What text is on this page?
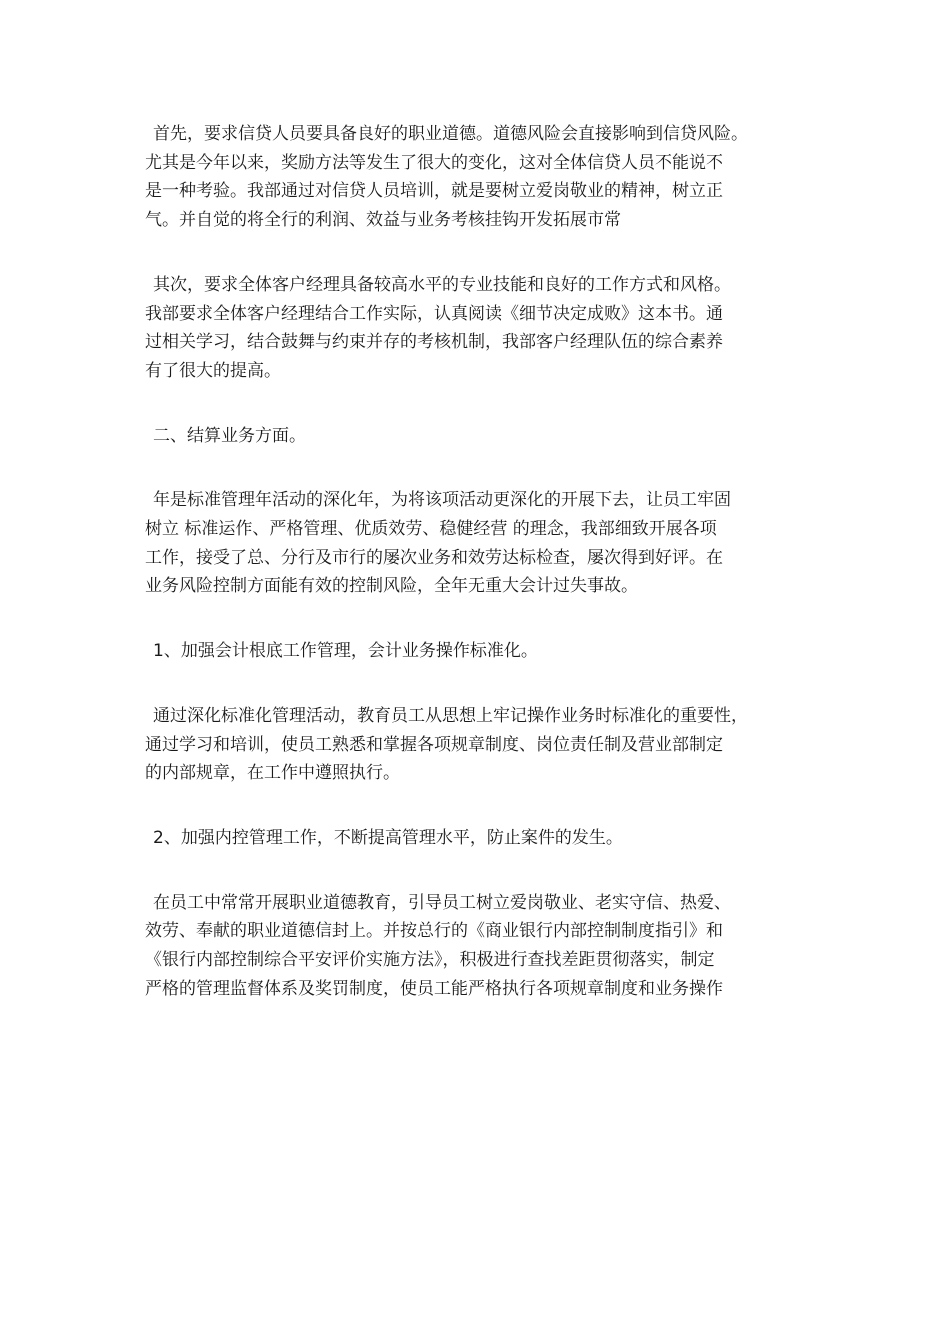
首先，要求信贷人员要具备良好的职业道德。道德风险会直接影响到信贷风险。
尤其是今年以来，奖励方法等发生了很大的变化，这对全体信贷人员不能说不
是一种考验。我部通过对信贷人员培训，就是要树立爱岗敬业的精神，树立正
气。并自觉的将全行的利润、效益与业务考核挂钩开发拓展市常

其次，要求全体客户经理具备较高水平的专业技能和良好的工作方式和风格。
我部要求全体客户经理结合工作实际，认真阅读《细节决定成败》这本书。通
过相关学习，结合鼓舞与约束并存的考核机制，我部客户经理队伍的综合素养
有了很大的提高。

二、结算业务方面。

年是标准管理年活动的深化年，为将该项活动更深化的开展下去，让员工牢固
树立 标准运作、严格管理、优质效劳、稳健经营 的理念，我部细致开展各项
工作，接受了总、分行及市行的屡次业务和效劳达标检查，屡次得到好评。在
业务风险控制方面能有效的控制风险，全年无重大会计过失事故。

1、加强会计根底工作管理，会计业务操作标准化。

通过深化标准化管理活动，教育员工从思想上牢记操作业务时标准化的重要性，
通过学习和培训，使员工熟悉和掌握各项规章制度、岗位责任制及营业部制定
的内部规章，在工作中遵照执行。

2、加强内控管理工作，不断提高管理水平，防止案件的发生。

在员工中常常开展职业道德教育，引导员工树立爱岗敬业、老实守信、热爱、
效劳、奉献的职业道德信封上。并按总行的《商业银行内部控制制度指引》和
《银行内部控制综合平安评价实施方法》，积极进行查找差距贯彻落实，制定
严格的管理监督体系及奖罚制度，使员工能严格执行各项规章制度和业务操作
